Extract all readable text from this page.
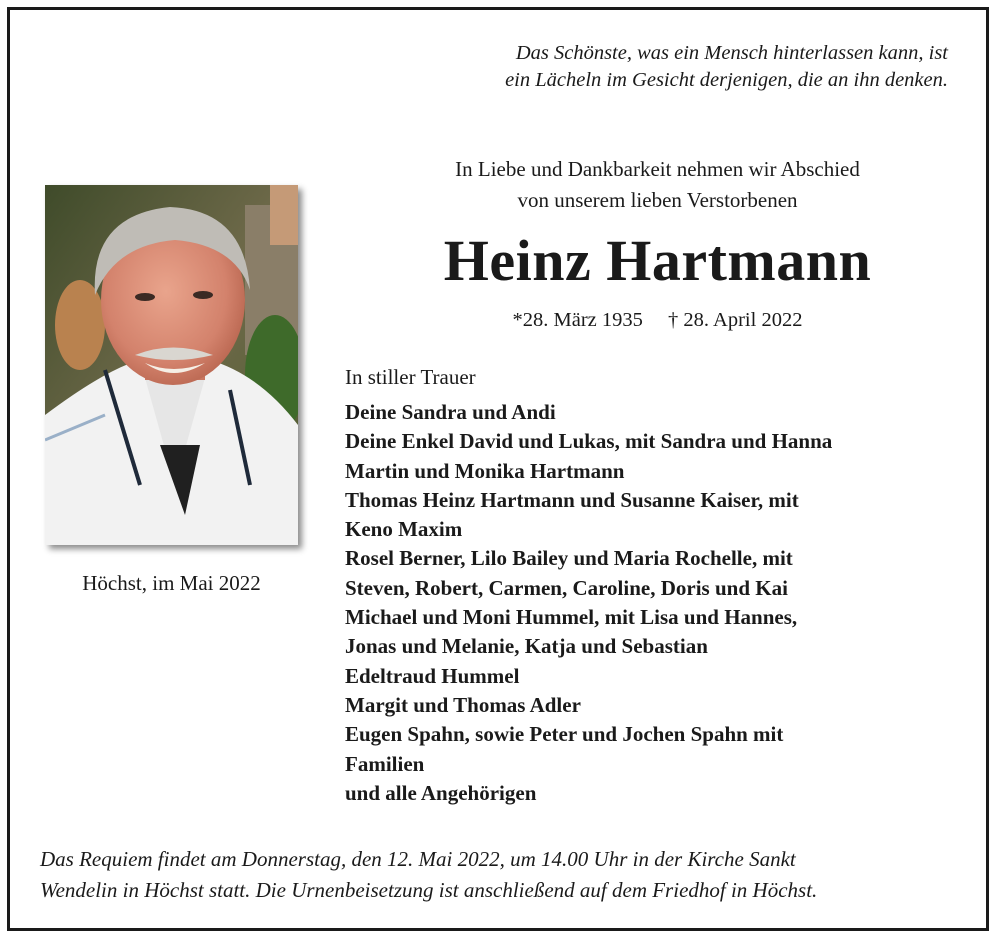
Das Schönste, was ein Mensch hinterlassen kann, ist
ein Lächeln im Gesicht derjenigen, die an ihn denken.
In Liebe und Dankbarkeit nehmen wir Abschied
von unserem lieben Verstorbenen
Heinz Hartmann
*28. März 1935 † 28. April 2022
Höchst, im Mai 2022
In stiller Trauer
Deine Sandra und Andi
Deine Enkel David und Lukas, mit Sandra und Hanna
Martin und Monika Hartmann
Thomas Heinz Hartmann und Susanne Kaiser, mit
Keno Maxim
Rosel Berner, Lilo Bailey und Maria Rochelle, mit
Steven, Robert, Carmen, Caroline, Doris und Kai
Michael und Moni Hummel, mit Lisa und Hannes,
Jonas und Melanie, Katja und Sebastian
Edeltraud Hummel
Margit und Thomas Adler
Eugen Spahn, sowie Peter und Jochen Spahn mit
Familien
und alle Angehörigen
Das Requiem findet am Donnerstag, den 12. Mai 2022, um 14.00 Uhr in der Kirche Sankt
Wendelin in Höchst statt. Die Urnenbeisetzung ist anschließend auf dem Friedhof in Höchst.
